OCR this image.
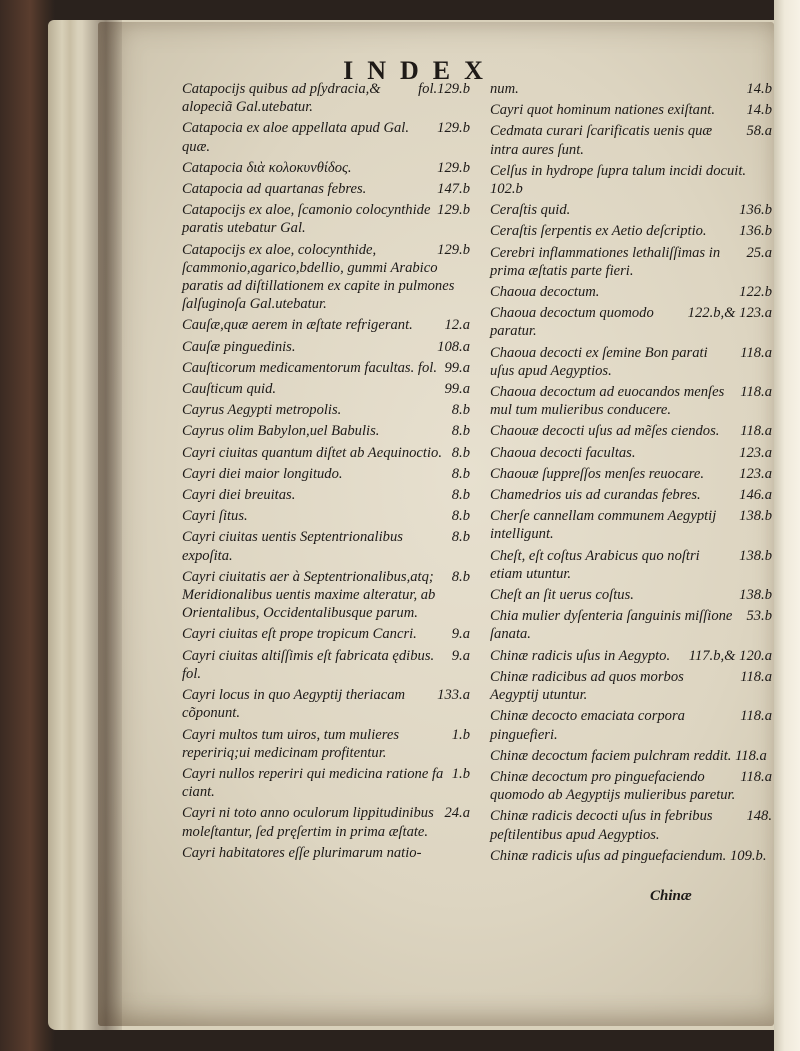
INDEX
fol.129.b
Catapocijs quibus ad pſydracia,& alopeciã Gal.utebatur.
129.b
Catapocia ex aloe appellata apud Gal. quæ.
129.b
Catapocia διὰ κολοκυνθίδος.
147.b
Catapocia ad quartanas febres.
129.b
Catapocijs ex aloe, ſcamonio colocynthide paratis utebatur Gal.
129.b
Catapocijs ex aloe, colocynthide, ſcammonio,agarico,bdellio, gummi Arabico paratis ad diſtillationem ex capite in pulmones ſalſuginoſa Gal.utebatur.
12.a
Cauſæ,quæ aerem in æſtate refrigerant.
108.a
Cauſæ pinguedinis.
99.a
Cauſticorum medicamentorum facultas. fol.
99.a
Cauſticum quid.
8.b
Cayrus Aegypti metropolis.
8.b
Cayrus olim Babylon,uel Babulis.
8.b
Cayri ciuitas quantum diſtet ab Aequinoctio.
8.b
Cayri diei maior longitudo.
8.b
Cayri diei breuitas.
8.b
Cayri ſitus.
8.b
Cayri ciuitas uentis Septentrionalibus expoſita.
8.b
Cayri ciuitatis aer à Septentrionalibus,atq; Meridionalibus uentis maxime alteratur, ab Orientalibus, Occidentalibusque parum.
9.a
Cayri ciuitas eſt prope tropicum Cancri.
9.a
Cayri ciuitas altiſſimis eſt fabricata ędibus. fol.
133.a
Cayri locus in quo Aegyptij theriacam cõponunt.
1.b
Cayri multos tum uiros, tum mulieres repeririq;ui medicinam profitentur.
1.b
Cayri nullos reperiri qui medicina ratione fa ciant.
24.a
Cayri ni toto anno oculorum lippitudinibus moleſtantur, ſed pręſertim in prima æſtate.
Cayri habitatores eſſe plurimarum natio-
14.b
num.
14.b
Cayri quot hominum nationes exiſtant.
58.a
Cedmata curari ſcarificatis uenis quæ intra aures ſunt.
Celſus in hydrope ſupra talum incidi docuit. 102.b
136.b
Ceraſtis quid.
136.b
Ceraſtis ſerpentis ex Aetio deſcriptio.
25.a
Cerebri inflammationes lethaliſſimas in prima æſtatis parte fieri.
122.b
Chaoua decoctum.
122.b,& 123.a
Chaoua decoctum quomodo paratur.
118.a
Chaoua decocti ex ſemine Bon parati uſus apud Aegyptios.
118.a
Chaoua decoctum ad euocandos menſes mul tum mulieribus conducere.
118.a
Chaouæ decocti uſus ad mẽſes ciendos.
123.a
Chaoua decocti facultas.
123.a
Chaouæ ſuppreſſos menſes reuocare.
146.a
Chamedrios uis ad curandas febres.
138.b
Cherſe cannellam communem Aegyptij intelligunt.
138.b
Cheſt, eſt coſtus Arabicus quo noſtri etiam utuntur.
138.b
Cheſt an ſit uerus coſtus.
53.b
Chia mulier dyſenteria ſanguinis miſſione ſanata.
117.b,& 120.a
Chinæ radicis uſus in Aegypto.
118.a
Chinæ radicibus ad quos morbos Aegyptij utuntur.
118.a
Chinæ decocto emaciata corpora pinguefieri.
Chinæ decoctum faciem pulchram reddit. 118.a
118.a
Chinæ decoctum pro pinguefaciendo quomodo ab Aegyptijs mulieribus paretur.
148.
Chinæ radicis decocti uſus in febribus peſtilentibus apud Aegyptios.
Chinæ radicis uſus ad pinguefaciendum. 109.b.
Chinæ
